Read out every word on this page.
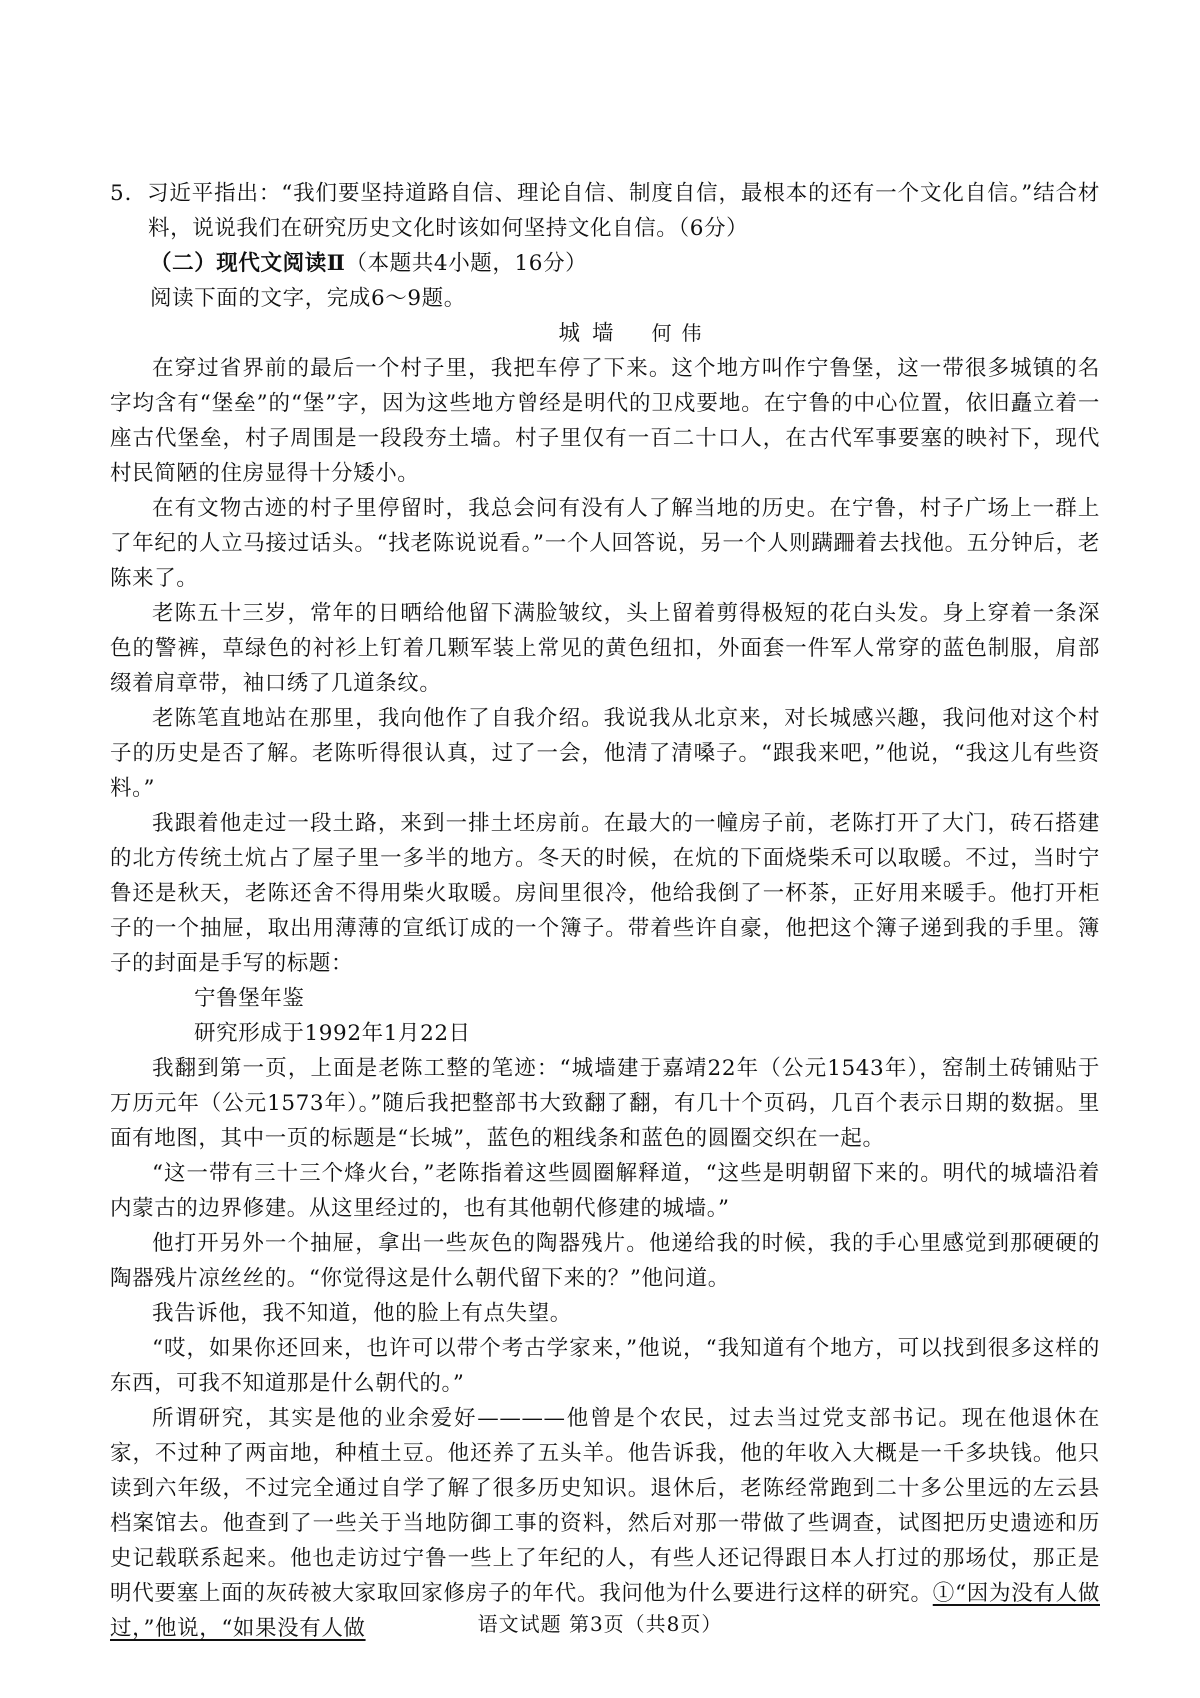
5．习近平指出：“我们要坚持道路自信、理论自信、制度自信，最根本的还有一个文化自信。”结合材料，说说我们在研究历史文化时该如何坚持文化自信。（6分）

（二）现代文阅读Ⅱ（本题共4小题，16分）

阅读下面的文字，完成6～9题。

城墙 何伟

在穿过省界前的最后一个村子里，我把车停了下来。这个地方叫作宁鲁堡，这一带很多城镇的名字均含有“堡垒”的“堡”字，因为这些地方曾经是明代的卫戍要地。在宁鲁的中心位置，依旧矗立着一座古代堡垒，村子周围是一段段夯土墙。村子里仅有一百二十口人，在古代军事要塞的映衬下，现代村民简陋的住房显得十分矮小。

在有文物古迹的村子里停留时，我总会问有没有人了解当地的历史。在宁鲁，村子广场上一群上了年纪的人立马接过话头。“找老陈说说看。”一个人回答说，另一个人则蹒跚着去找他。五分钟后，老陈来了。

老陈五十三岁，常年的日晒给他留下满脸皱纹，头上留着剪得极短的花白头发。身上穿着一条深色的警裤，草绿色的衬衫上钉着几颗军装上常见的黄色纽扣，外面套一件军人常穿的蓝色制服，肩部缀着肩章带，袖口绣了几道条纹。

老陈笔直地站在那里，我向他作了自我介绍。我说我从北京来，对长城感兴趣，我问他对这个村子的历史是否了解。老陈听得很认真，过了一会，他清了清嗓子。“跟我来吧，”他说，“我这儿有些资料。”

我跟着他走过一段土路，来到一排土坯房前。在最大的一幢房子前，老陈打开了大门，砖石搭建的北方传统土炕占了屋子里一多半的地方。冬天的时候，在炕的下面烧柴禾可以取暖。不过，当时宁鲁还是秋天，老陈还舍不得用柴火取暖。房间里很冷，他给我倒了一杯茶，正好用来暖手。他打开柜子的一个抽屉，取出用薄薄的宣纸订成的一个簿子。带着些许自豪，他把这个簿子递到我的手里。簿子的封面是手写的标题：

宁鲁堡年鉴

研究形成于1992年1月22日

我翻到第一页，上面是老陈工整的笔迹：“城墙建于嘉靖22年（公元1543年），窑制土砖铺贴于万历元年（公元1573年）。”随后我把整部书大致翻了翻，有几十个页码，几百个表示日期的数据。里面有地图，其中一页的标题是“长城”，蓝色的粗线条和蓝色的圆圈交织在一起。

“这一带有三十三个烽火台，”老陈指着这些圆圈解释道，“这些是明朝留下来的。明代的城墙沿着内蒙古的边界修建。从这里经过的，也有其他朝代修建的城墙。”

他打开另外一个抽屉，拿出一些灰色的陶器残片。他递给我的时候，我的手心里感觉到那硬硬的陶器残片凉丝丝的。“你觉得这是什么朝代留下来的？”他问道。

我告诉他，我不知道，他的脸上有点失望。

“哎，如果你还回来，也许可以带个考古学家来，”他说，“我知道有个地方，可以找到很多这样的东西，可我不知道那是什么朝代的。”

所谓研究，其实是他的业余爱好————他曾是个农民，过去当过党支部书记。现在他退休在家，不过种了两亩地，种植土豆。他还养了五头羊。他告诉我，他的年收入大概是一千多块钱。他只读到六年级，不过完全通过自学了解了很多历史知识。退休后，老陈经常跑到二十多公里远的左云县档案馆去。他查到了一些关于当地防御工事的资料，然后对那一带做了些调查，试图把历史遗迹和历史记载联系起来。他也走访过宁鲁一些上了年纪的人，有些人还记得跟日本人打过的那场仗，那正是明代要塞上面的灰砖被大家取回家修房子的年代。我问他为什么要进行这样的研究。①“因为没有人做过，”他说，“如果没有人做	语文试题 第3页（共8页）
